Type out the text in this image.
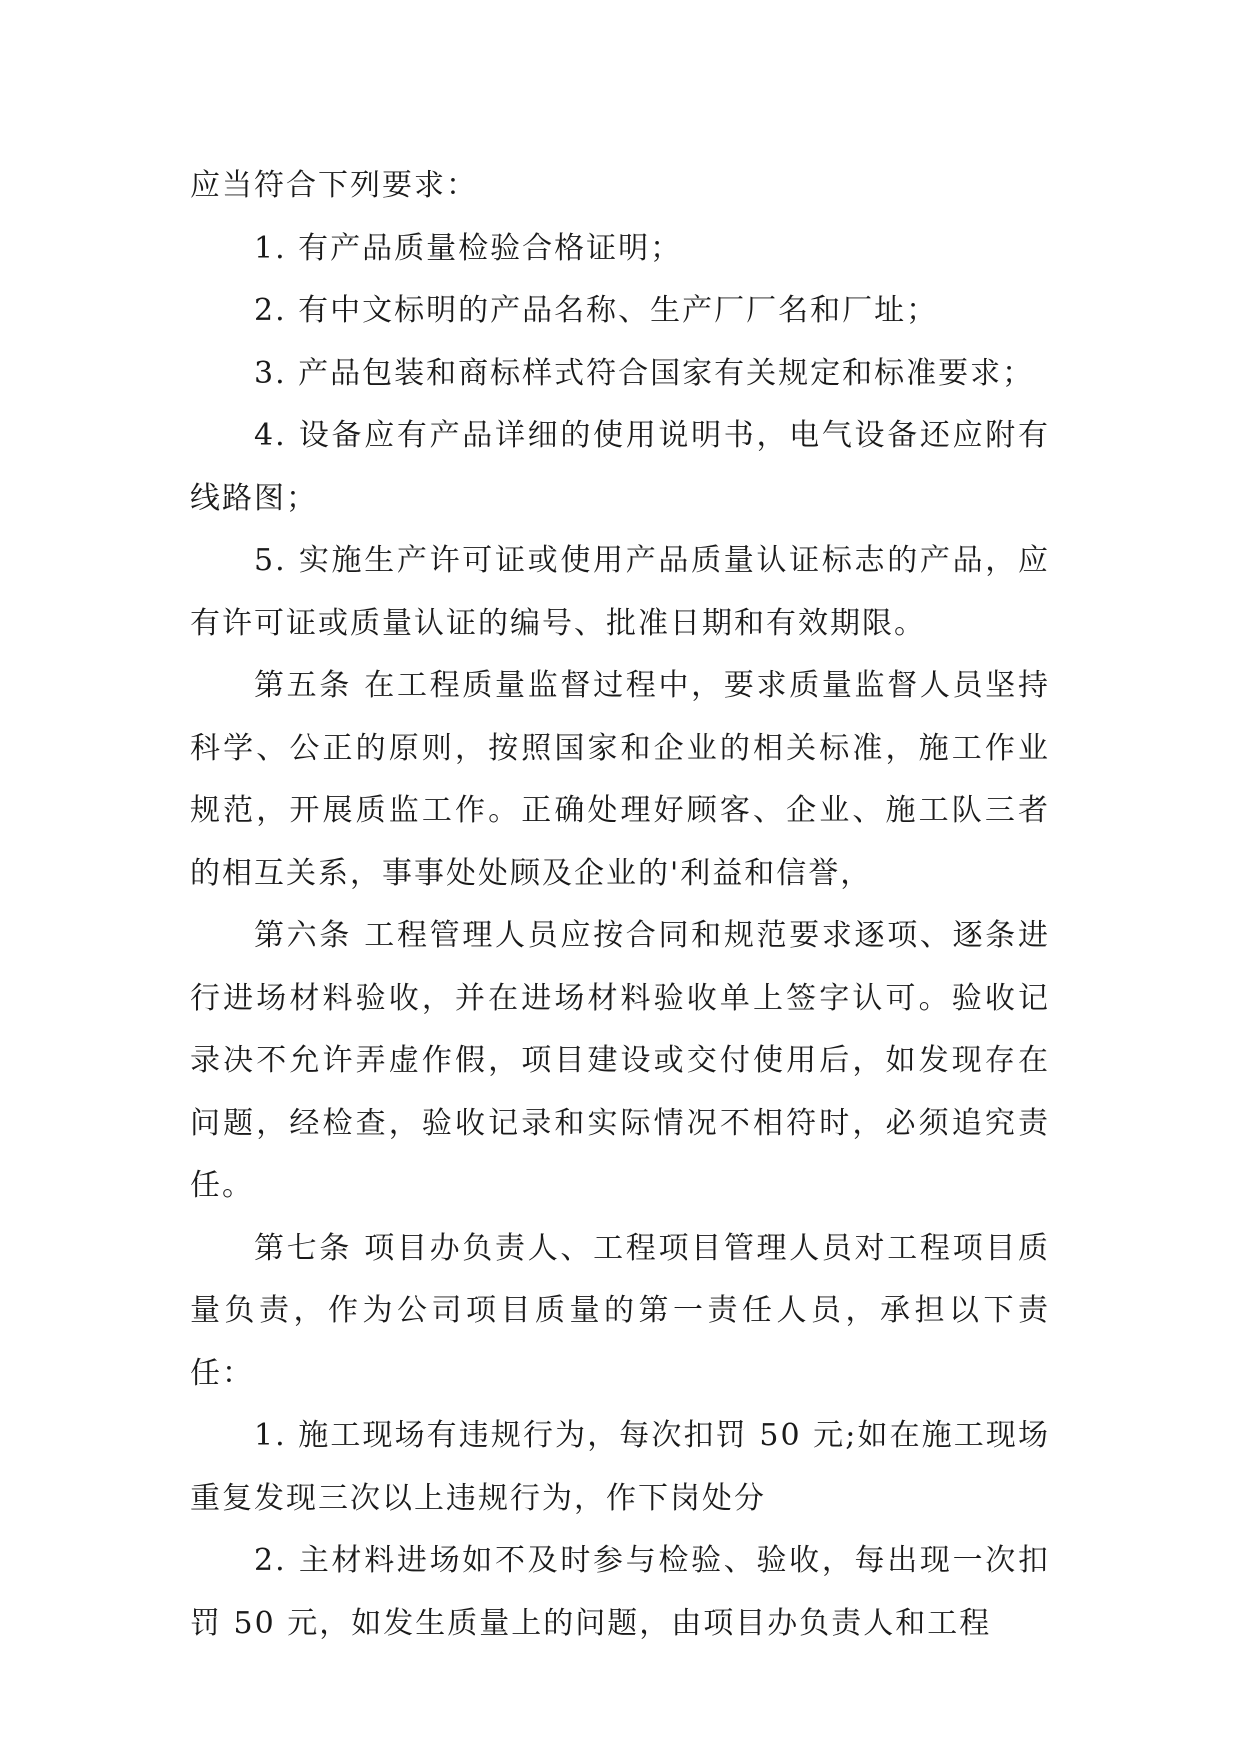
应当符合下列要求：

1. 有产品质量检验合格证明；

2. 有中文标明的产品名称、生产厂厂名和厂址；

3. 产品包装和商标样式符合国家有关规定和标准要求；

4. 设备应有产品详细的使用说明书，电气设备还应附有线路图；

5. 实施生产许可证或使用产品质量认证标志的产品，应有许可证或质量认证的编号、批准日期和有效期限。

第五条 在工程质量监督过程中，要求质量监督人员坚持科学、公正的原则，按照国家和企业的相关标准，施工作业规范，开展质监工作。正确处理好顾客、企业、施工队三者的相互关系，事事处处顾及企业的'利益和信誉，

第六条 工程管理人员应按合同和规范要求逐项、逐条进行进场材料验收，并在进场材料验收单上签字认可。验收记录决不允许弄虚作假，项目建设或交付使用后，如发现存在问题，经检查，验收记录和实际情况不相符时，必须追究责任。

第七条 项目办负责人、工程项目管理人员对工程项目质量负责，作为公司项目质量的第一责任人员，承担以下责任：

1. 施工现场有违规行为，每次扣罚 50 元;如在施工现场重复发现三次以上违规行为，作下岗处分

2. 主材料进场如不及时参与检验、验收，每出现一次扣罚 50 元，如发生质量上的问题，由项目办负责人和工程
